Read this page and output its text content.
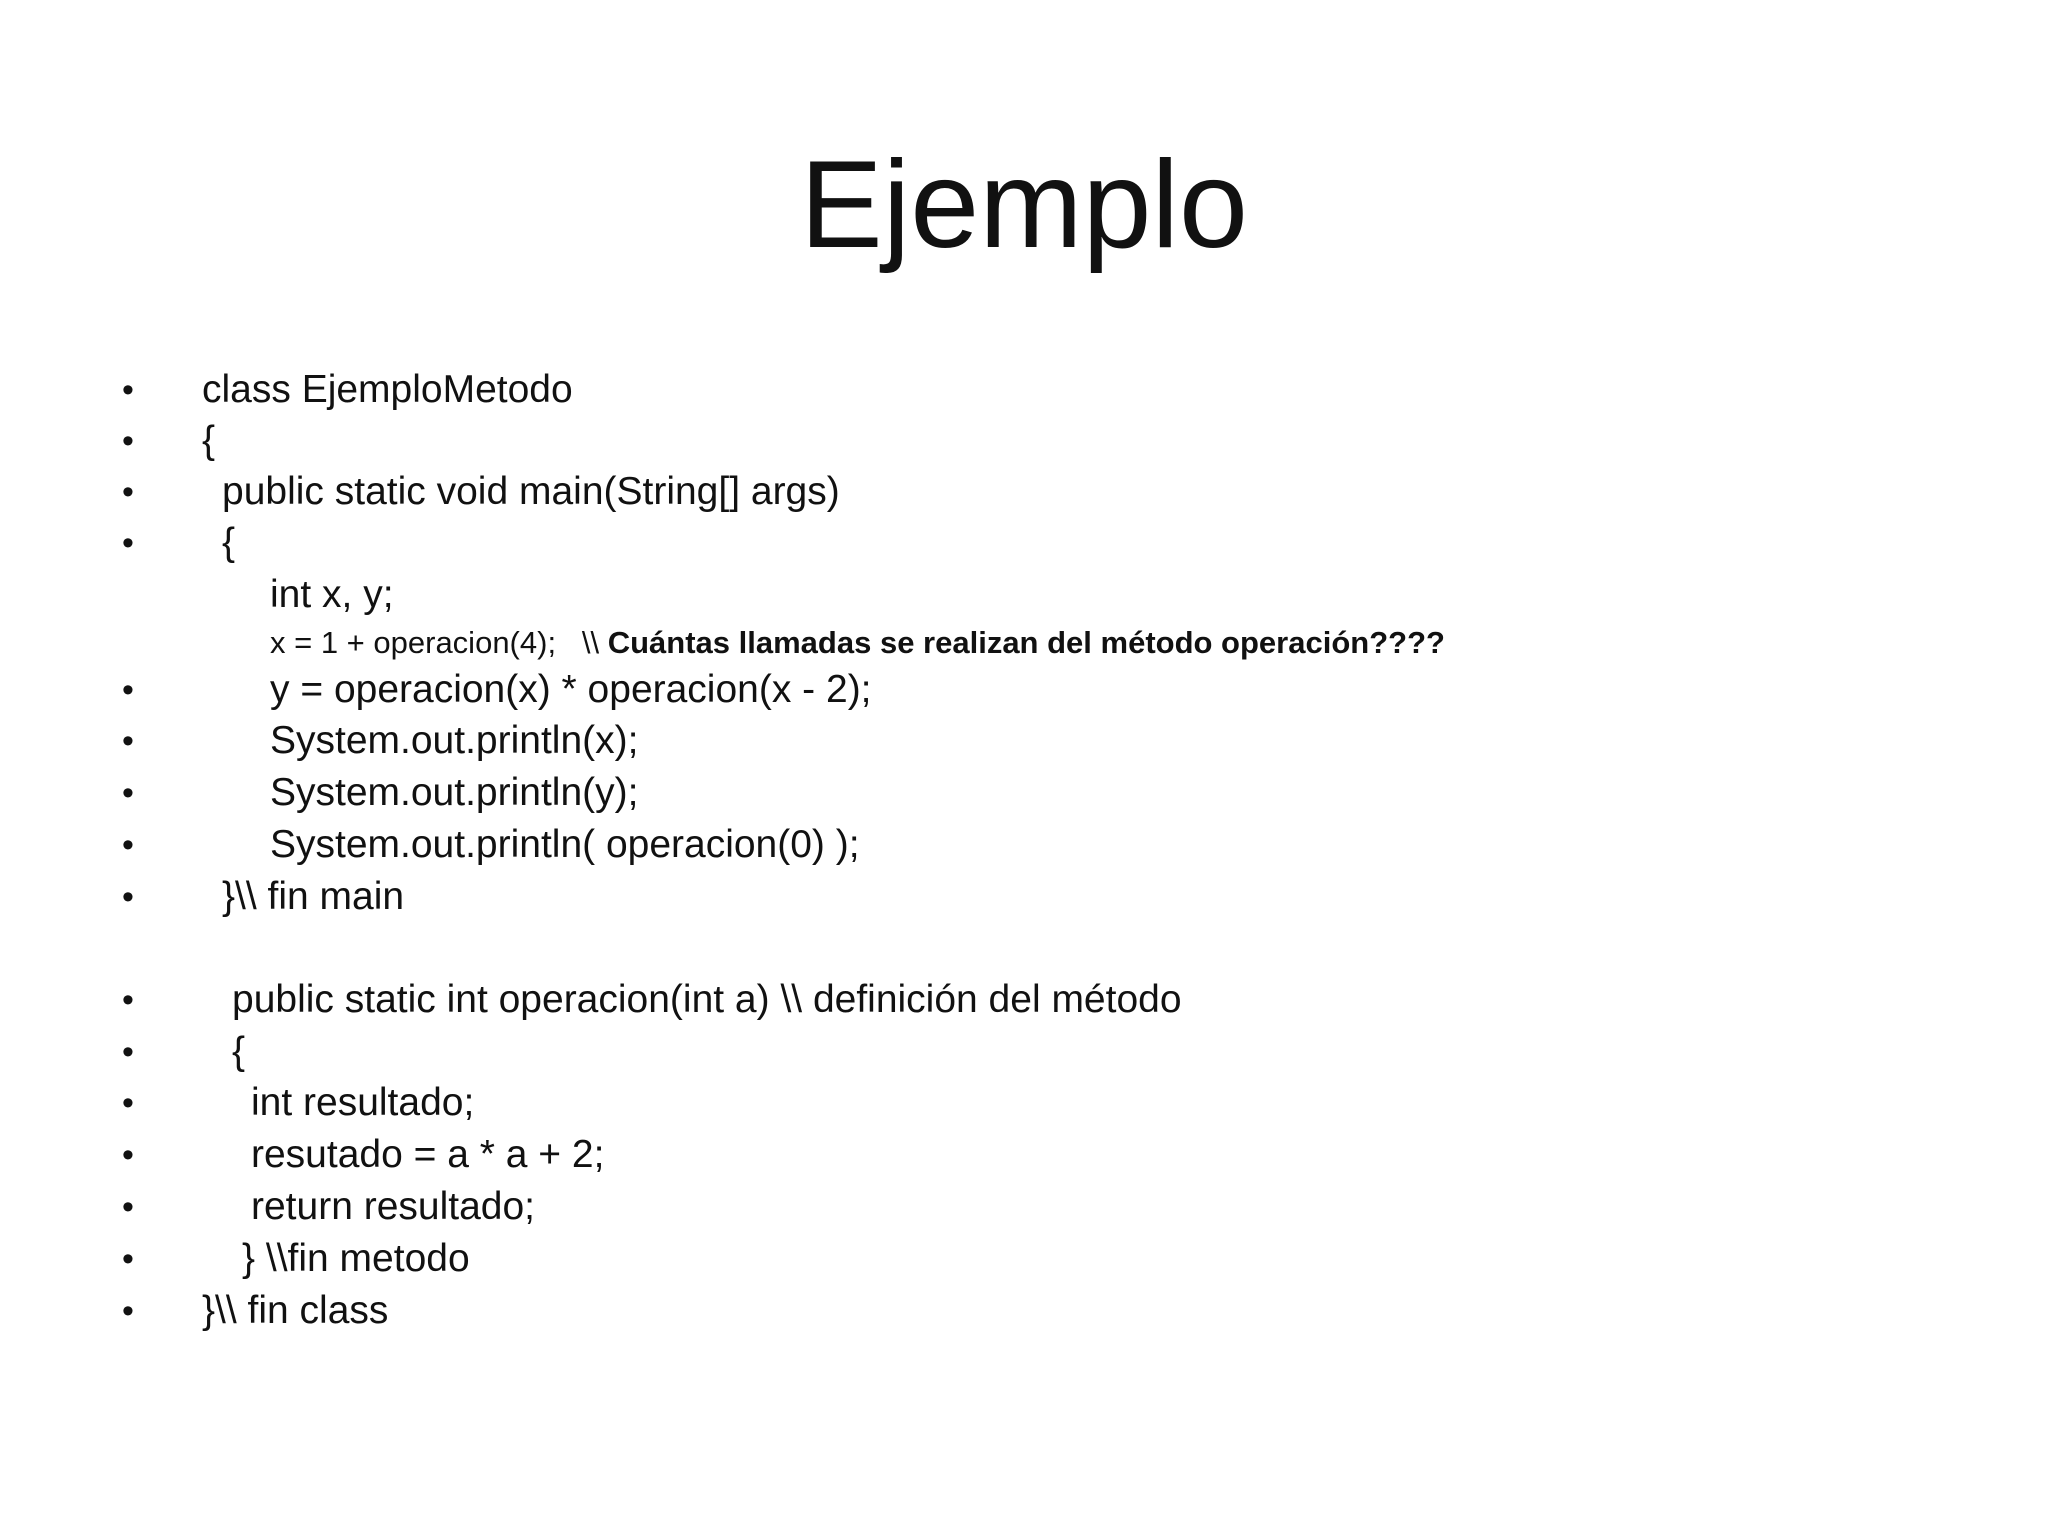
Ejemplo
• class EjemploMetodo
• {
• public static void main(String[] args)
• {
int x, y;
x = 1 + operacion(4);   \\ Cuántas llamadas se realizan del método operación????
•	y = operacion(x) * operacion(x - 2);
•	System.out.println(x);
•	System.out.println(y);
•	System.out.println( operacion(0) );
• }\\ fin main
•	public static int operacion(int a) \\ definición del método
•	{
•	int resultado;
•	resutado = a * a + 2;
•	return resultado;
•	} \\fin metodo
• }\\ fin class
